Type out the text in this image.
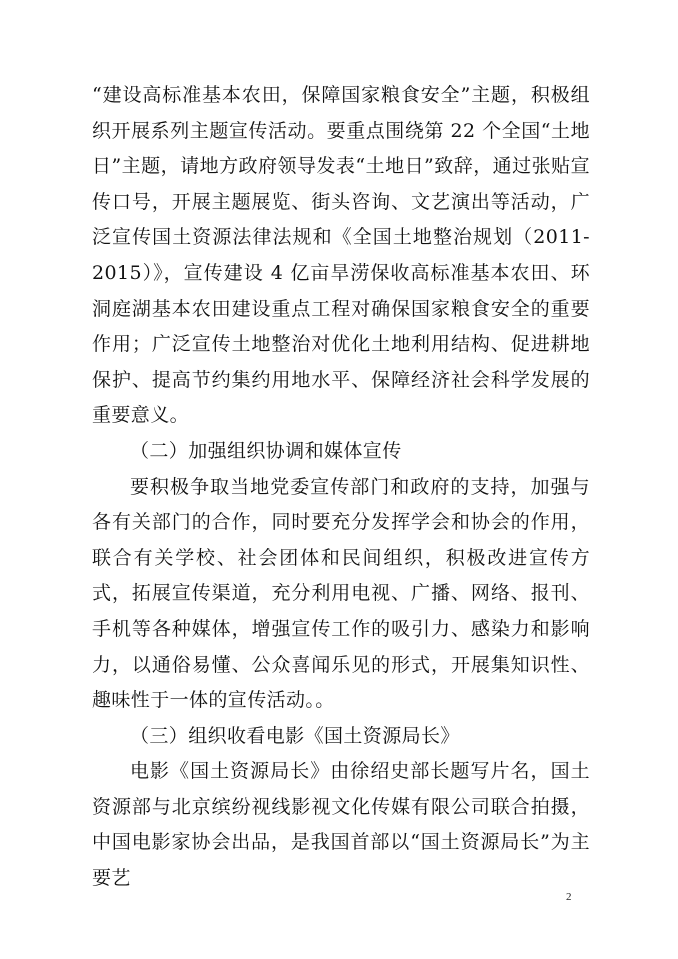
“建设高标准基本农田，保障国家粮食安全”主题，积极组织开展系列主题宣传活动。要重点围绕第 22 个全国“土地日”主题，请地方政府领导发表“土地日”致辞，通过张贴宣传口号，开展主题展览、街头咨询、文艺演出等活动，广泛宣传国土资源法律法规和《全国土地整治规划（2011-2015）》，宣传建设 4 亿亩旱涝保收高标准基本农田、环洞庭湖基本农田建设重点工程对确保国家粮食安全的重要作用；广泛宣传土地整治对优化土地利用结构、促进耕地保护、提高节约集约用地水平、保障经济社会科学发展的重要意义。

（二）加强组织协调和媒体宣传

要积极争取当地党委宣传部门和政府的支持，加强与各有关部门的合作，同时要充分发挥学会和协会的作用，联合有关学校、社会团体和民间组织，积极改进宣传方式，拓展宣传渠道，充分利用电视、广播、网络、报刊、手机等各种媒体，增强宣传工作的吸引力、感染力和影响力，以通俗易懂、公众喜闻乐见的形式，开展集知识性、趣味性于一体的宣传活动。。

（三）组织收看电影《国土资源局长》

电影《国土资源局长》由徐绍史部长题写片名，国土资源部与北京缤纷视线影视文化传媒有限公司联合拍摄，中国电影家协会出品，是我国首部以“国土资源局长”为主要艺

2
